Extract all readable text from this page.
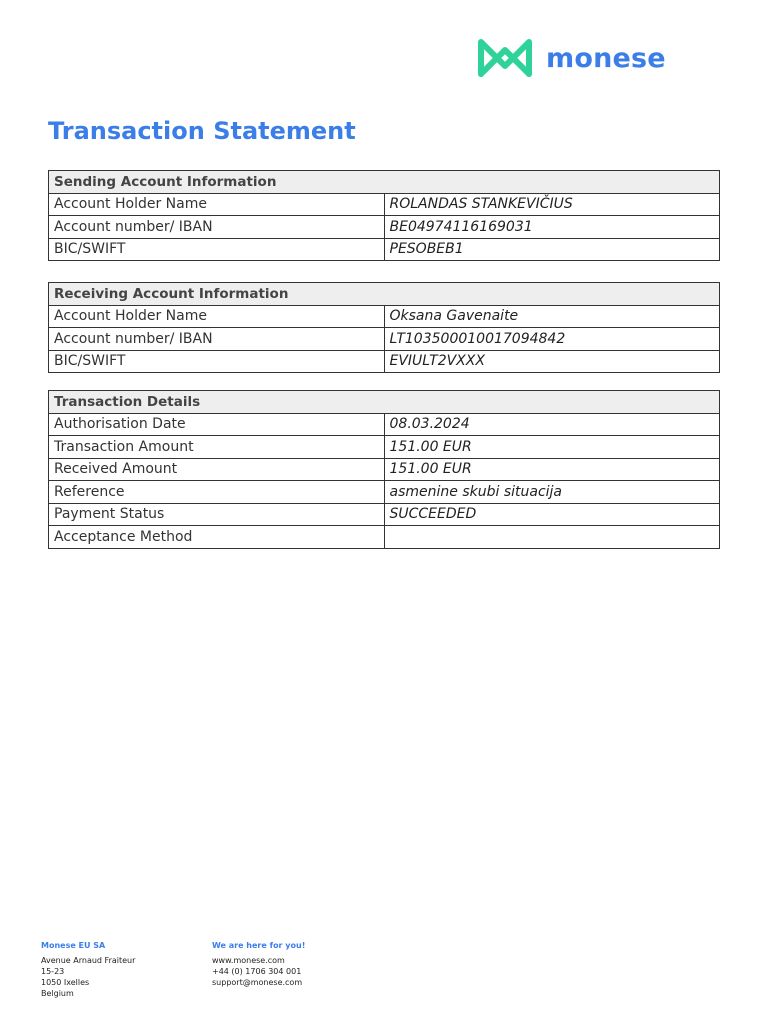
monese
Transaction Statement
Sending Account Information	
Account Holder Name	ROLANDAS STANKEVIČIUS
Account number/ IBAN	BE04974116169031
BIC/SWIFT	PESOBEB1
Receiving Account Information	
Account Holder Name	Oksana Gavenaite
Account number/ IBAN	LT103500010017094842
BIC/SWIFT	EVIULT2VXXX
Transaction Details	
Authorisation Date	08.03.2024
Transaction Amount	151.00 EUR
Received Amount	151.00 EUR
Reference	asmenine skubi situacija
Payment Status	SUCCEEDED
Acceptance Method	
Monese EU SA
Avenue Arnaud Fraiteur
15-23
1050 Ixelles
Belgium
We are here for you!
www.monese.com
+44 (0) 1706 304 001
support@monese.com
